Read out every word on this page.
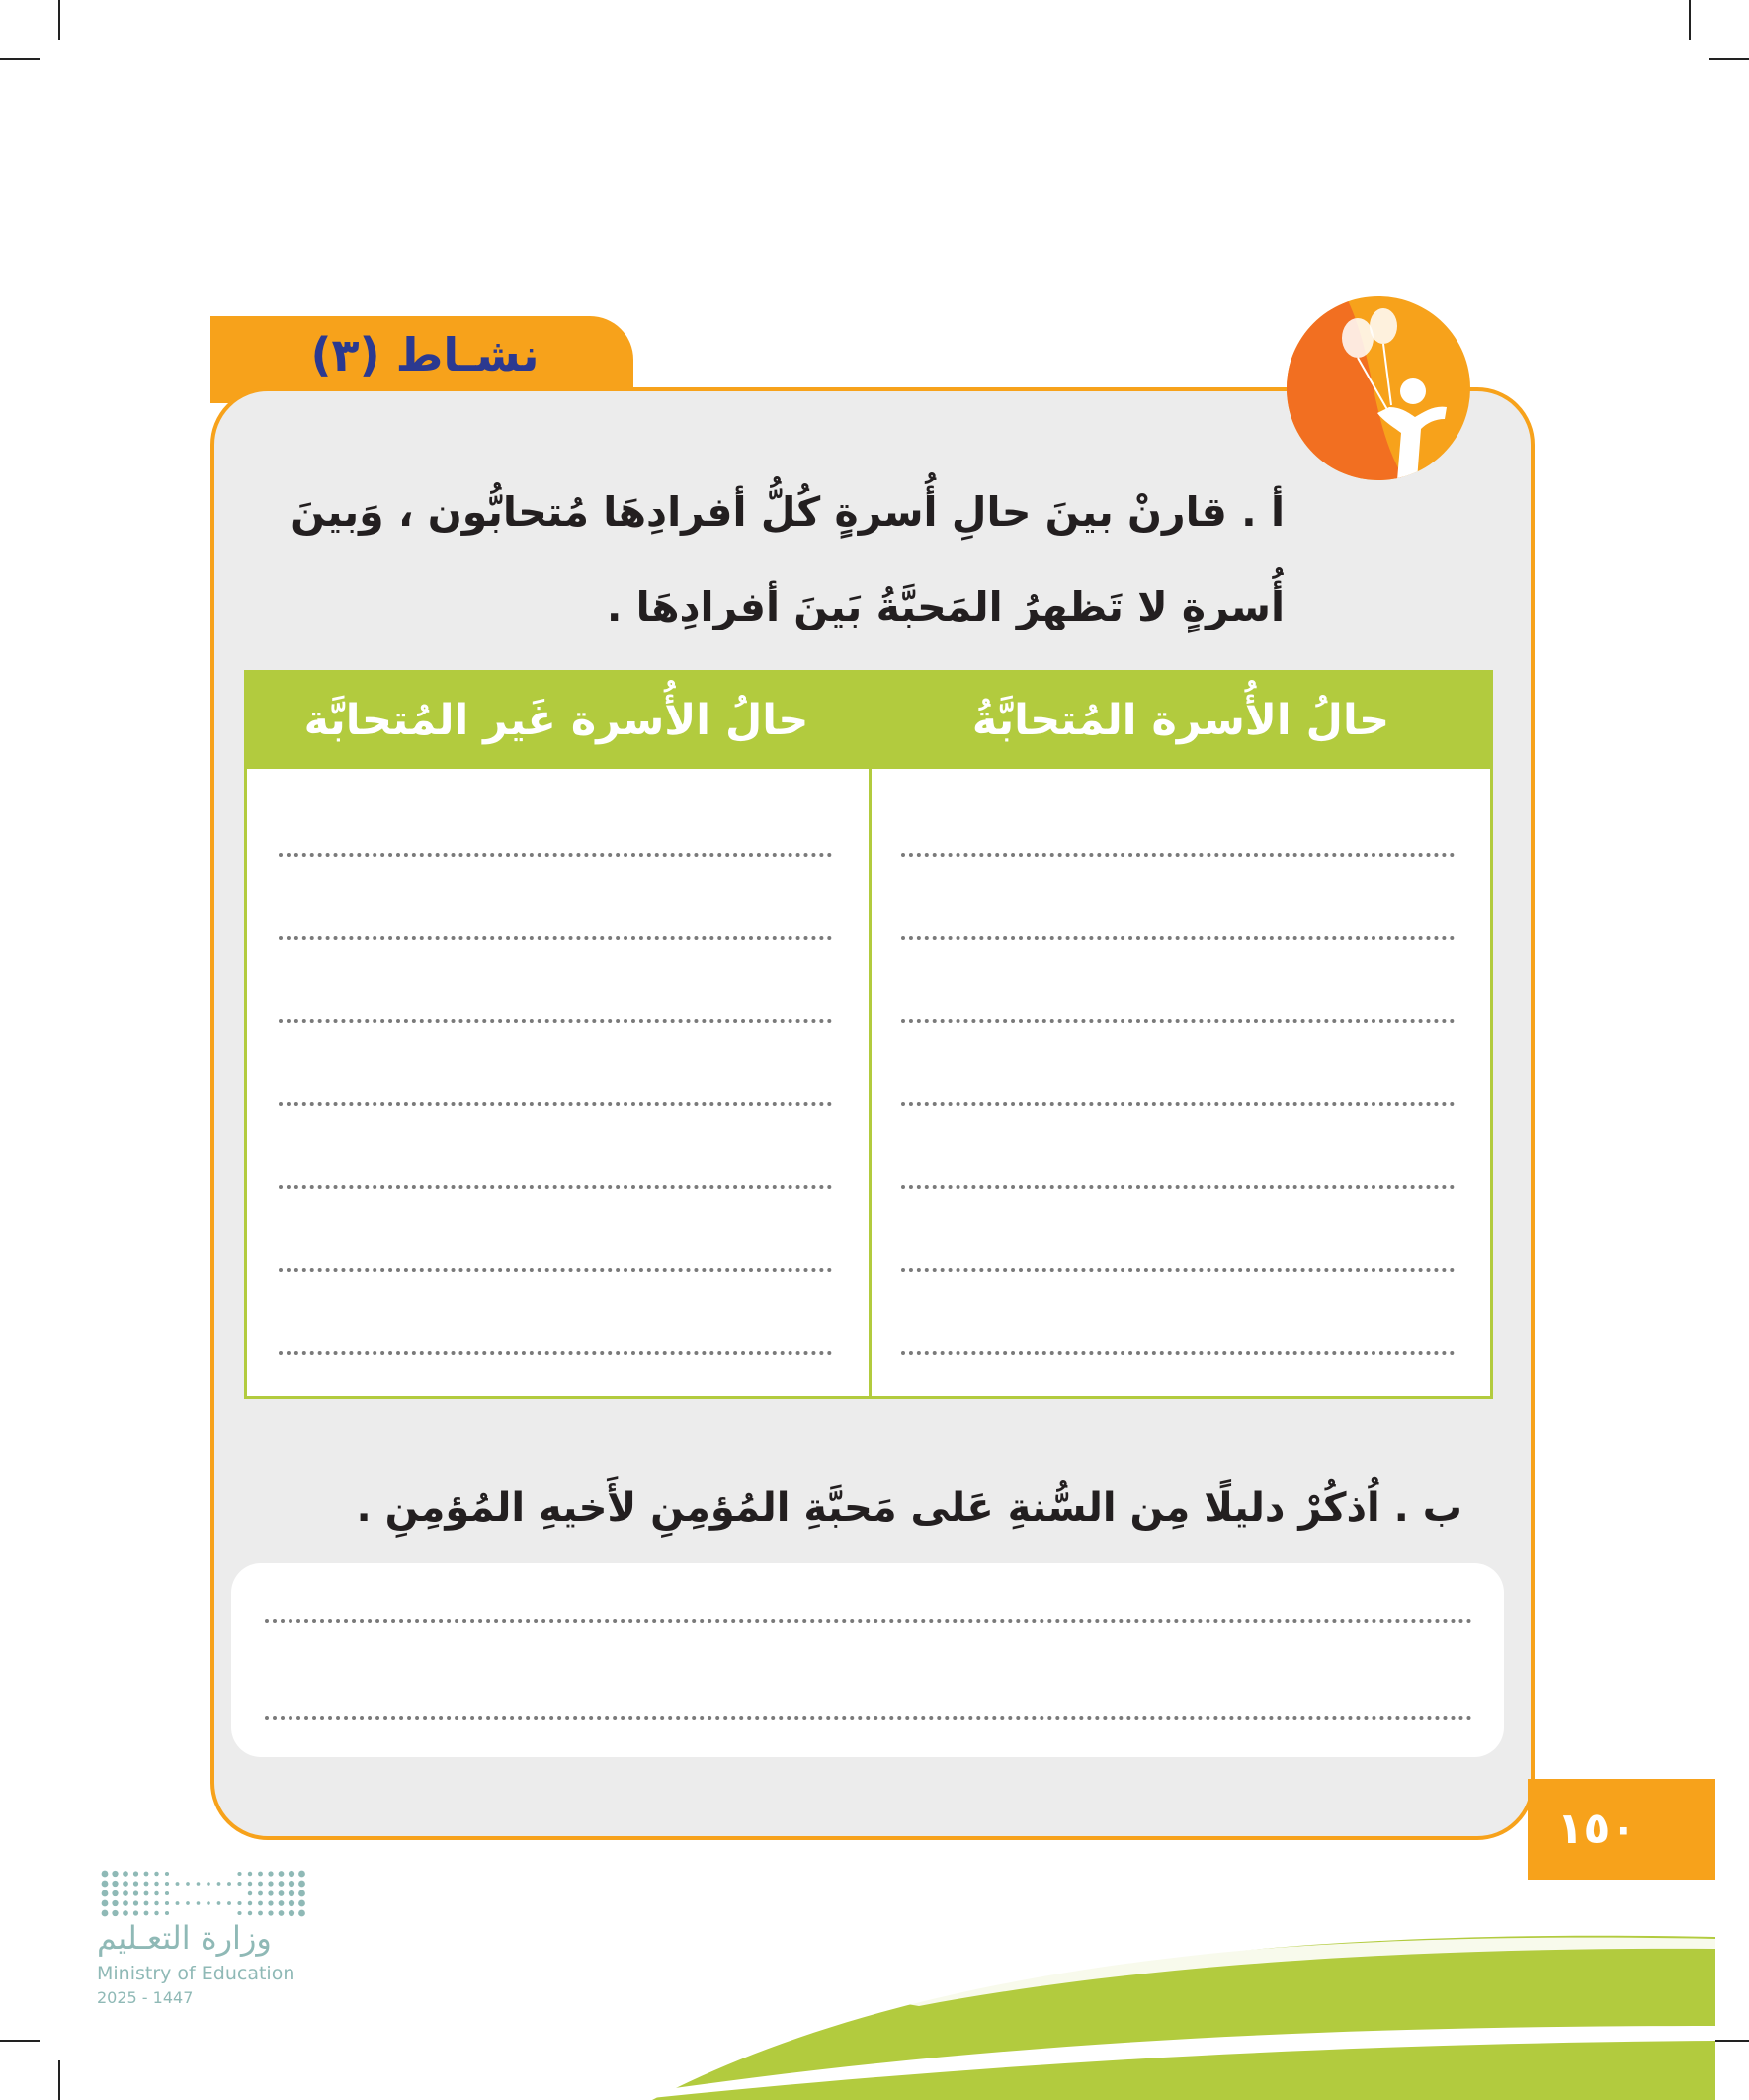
نشـاط (٣)
أ . قارنْ بينَ حالِ أُسرةٍ كُلُّ أفرادِهَا مُتحابُّون ، وَبينَ أُسرةٍ لا تَظهرُ المَحبَّةُ بَينَ أفرادِهَا .
حالُ الأُسرة المُتحابَّةُ
حالُ الأُسرة غَير المُتحابَّة
ب . اُذكُرْ دليلًا مِن السُّنةِ عَلى مَحبَّةِ المُؤمِنِ لأَخيهِ المُؤمِنِ .
١٥٠
وزارة التعـليم
Ministry of Education
2025 - 1447
